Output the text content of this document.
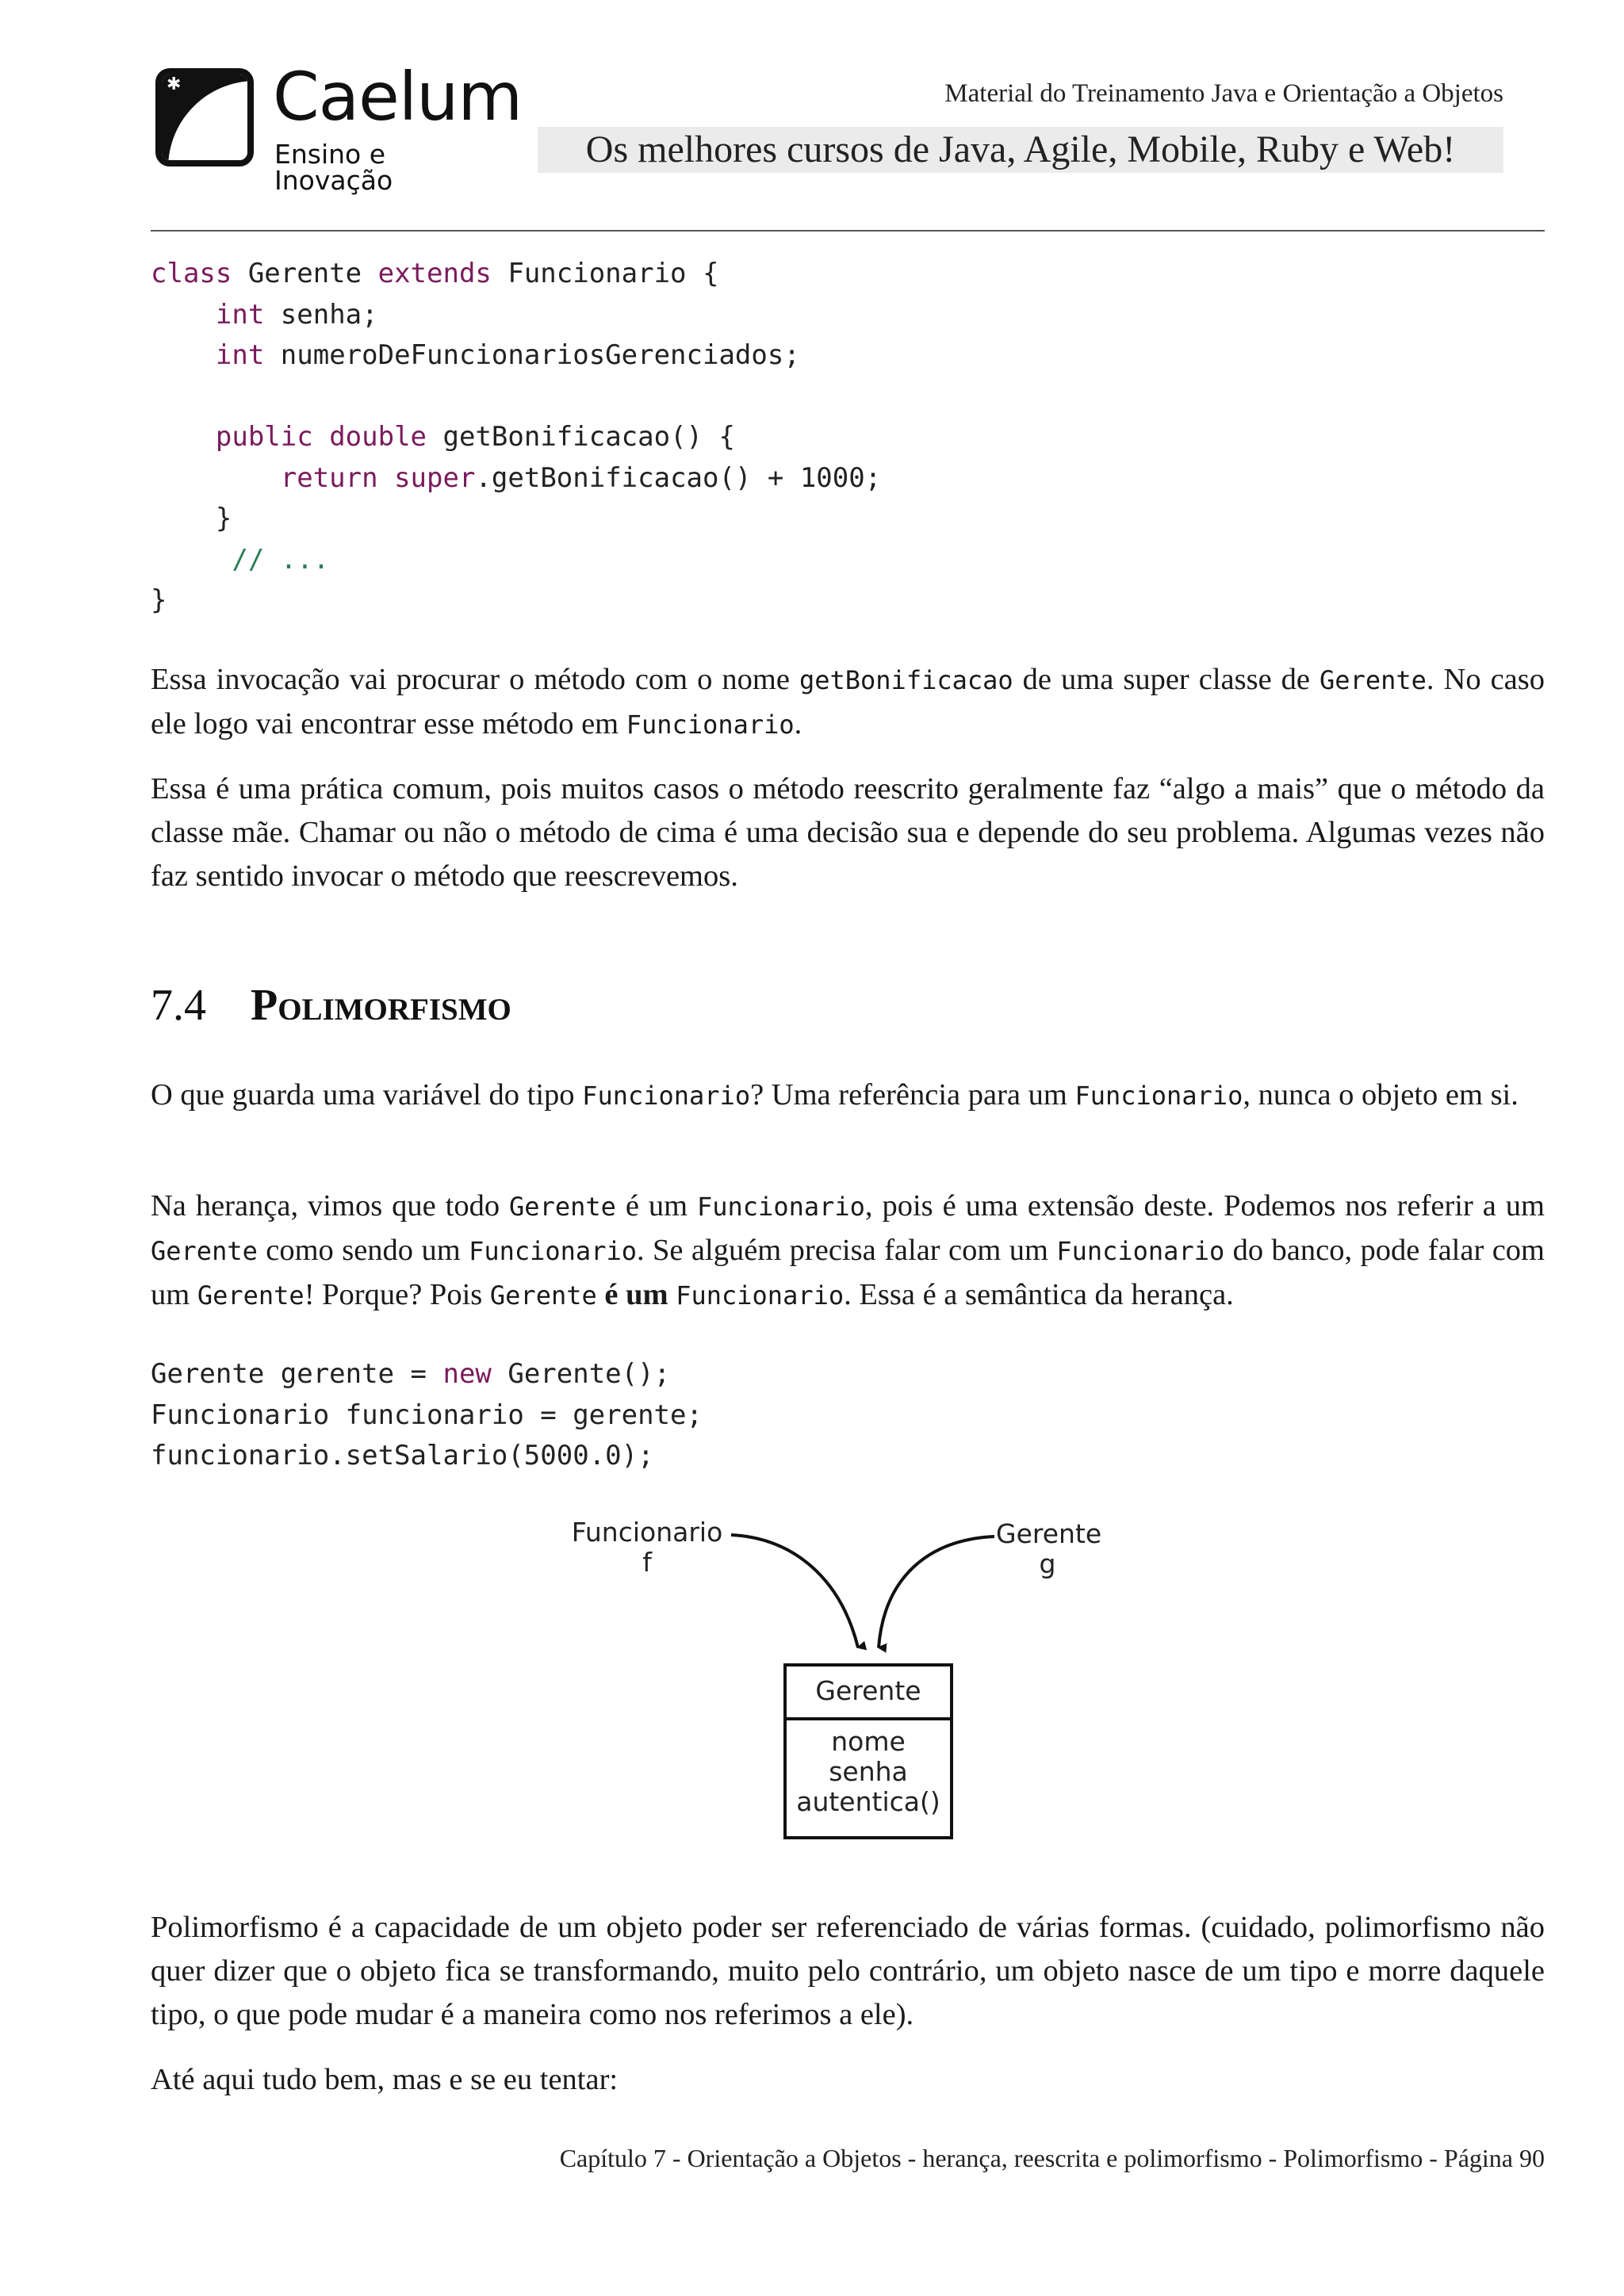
✱ Caelum
Ensino e Inovação
Material do Treinamento Java e Orientação a Objetos
Os melhores cursos de Java, Agile, Mobile, Ruby e Web!
class Gerente extends Funcionario {
int senha;
int numeroDeFuncionariosGerenciados;
public double getBonificacao() {
return super.getBonificacao() + 1000;
}
// ...
}
Essa invocação vai procurar o método com o nome getBonificacao de uma super classe de Gerente. No caso ele logo vai encontrar esse método em Funcionario.
Essa é uma prática comum, pois muitos casos o método reescrito geralmente faz “algo a mais” que o método da classe mãe. Chamar ou não o método de cima é uma decisão sua e depende do seu problema. Algumas vezes não faz sentido invocar o método que reescrevemos.
7.4 Polimorfismo
O que guarda uma variável do tipo Funcionario? Uma referência para um Funcionario, nunca o objeto em si.
Na herança, vimos que todo Gerente é um Funcionario, pois é uma extensão deste. Podemos nos referir a um Gerente como sendo um Funcionario. Se alguém precisa falar com um Funcionario do banco, pode falar com um Gerente! Porque? Pois Gerente é um Funcionario. Essa é a semântica da herança.
Gerente gerente = new Gerente();
Funcionario funcionario = gerente;
funcionario.setSalario(5000.0);
Funcionario
f
Gerente
g
Gerente
nome
senha
autentica()
Polimorfismo é a capacidade de um objeto poder ser referenciado de várias formas. (cuidado, polimorfismo não quer dizer que o objeto fica se transformando, muito pelo contrário, um objeto nasce de um tipo e morre daquele tipo, o que pode mudar é a maneira como nos referimos a ele).
Até aqui tudo bem, mas e se eu tentar:
Capítulo 7 - Orientação a Objetos - herança, reescrita e polimorfismo - Polimorfismo - Página 90
